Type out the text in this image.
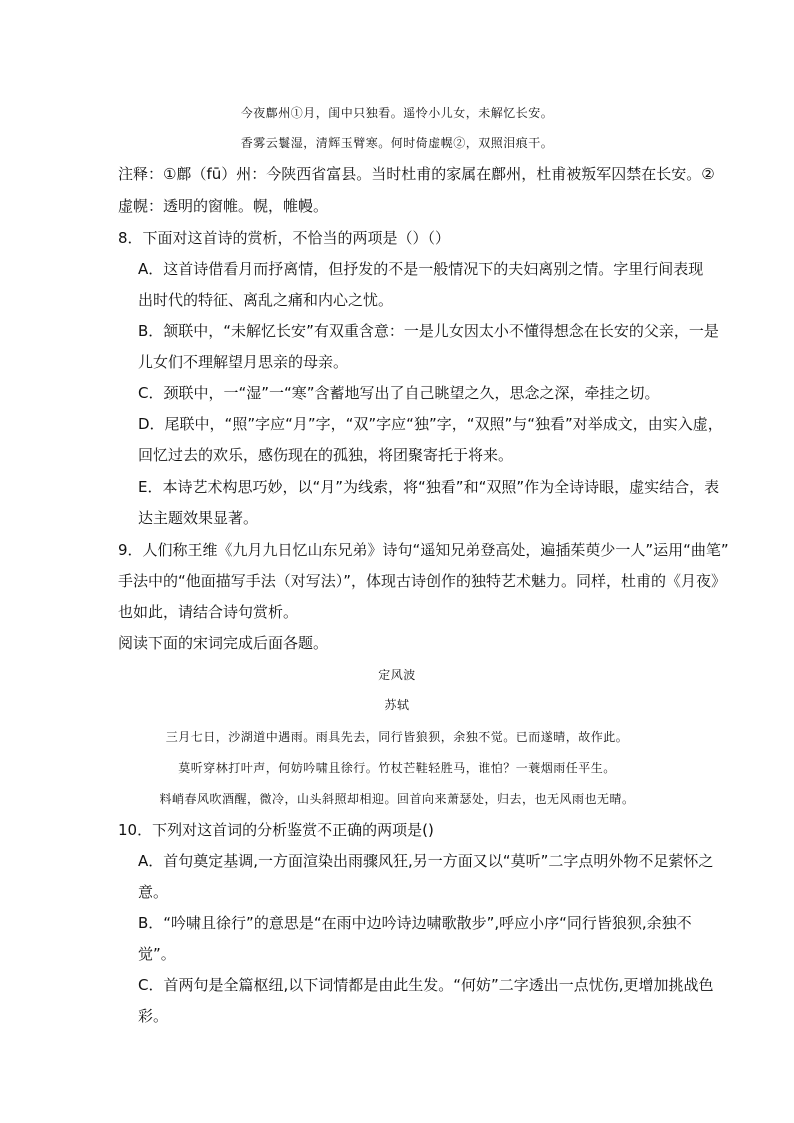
今夜鄜州①月，闺中只独看。遥怜小儿女，未解忆长安。
香雾云鬟湿，清辉玉臂寒。何时倚虚幌②，双照泪痕干。
注释：①鄜（fū）州：今陕西省富县。当时杜甫的家属在鄜州，杜甫被叛军囚禁在长安。②
虚幌：透明的窗帷。幌，帷幔。
8．下面对这首诗的赏析，不恰当的两项是（）（）
A．这首诗借看月而抒离情，但抒发的不是一般情况下的夫妇离别之情。字里行间表现
出时代的特征、离乱之痛和内心之忧。
B．颔联中，“未解忆长安”有双重含意：一是儿女因太小不懂得想念在长安的父亲，一是
儿女们不理解望月思亲的母亲。
C．颈联中，一“湿”一“寒”含蓄地写出了自己眺望之久，思念之深，牵挂之切。
D．尾联中，“照”字应“月”字，“双”字应“独”字，“双照”与“独看”对举成文，由实入虚，
回忆过去的欢乐，感伤现在的孤独，将团聚寄托于将来。
E．本诗艺术构思巧妙，以“月”为线索，将“独看”和“双照”作为全诗诗眼，虚实结合，表
达主题效果显著。
9．人们称王维《九月九日忆山东兄弟》诗句“遥知兄弟登高处，遍插茱萸少一人”运用“曲笔”
手法中的“他面描写手法（对写法）”，体现古诗创作的独特艺术魅力。同样，杜甫的《月夜》
也如此，请结合诗句赏析。
阅读下面的宋词完成后面各题。
定风波
苏轼
三月七日，沙湖道中遇雨。雨具先去，同行皆狼狈，余独不觉。已而遂晴，故作此。
莫听穿林打叶声，何妨吟啸且徐行。竹杖芒鞋轻胜马，谁怕？一蓑烟雨任平生。
料峭春风吹酒醒，微冷，山头斜照却相迎。回首向来萧瑟处，归去，也无风雨也无晴。
10．下列对这首词的分析鉴赏不正确的两项是()
A．首句奠定基调,一方面渲染出雨骤风狂,另一方面又以“莫听”二字点明外物不足萦怀之
意。
B．“吟啸且徐行”的意思是“在雨中边吟诗边啸歌散步”,呼应小序“同行皆狼狈,余独不
觉”。
C．首两句是全篇枢纽,以下词情都是由此生发。“何妨”二字透出一点忧伤,更增加挑战色
彩。
